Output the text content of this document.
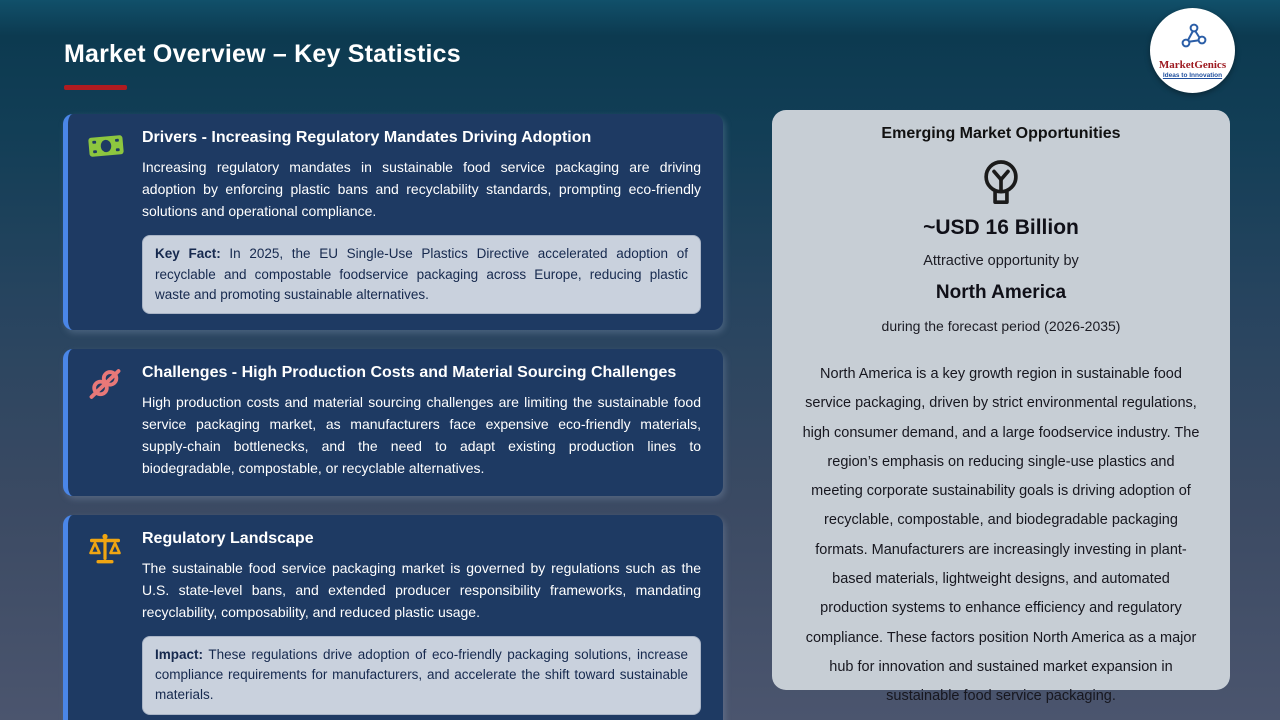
Market Overview – Key Statistics	MarketGenics
Ideas to Innovation
Drivers - Increasing Regulatory Mandates Driving Adoption
Increasing regulatory mandates in sustainable food service packaging are driving adoption by enforcing plastic bans and recyclability standards, prompting eco-friendly solutions and operational compliance.
Key Fact: In 2025, the EU Single-Use Plastics Directive accelerated adoption of recyclable and compostable foodservice packaging across Europe, reducing plastic waste and promoting sustainable alternatives.
Challenges - High Production Costs and Material Sourcing Challenges
High production costs and material sourcing challenges are limiting the sustainable food service packaging market, as manufacturers face expensive eco-friendly materials, supply-chain bottlenecks, and the need to adapt existing production lines to biodegradable, compostable, or recyclable alternatives.
Regulatory Landscape
The sustainable food service packaging market is governed by regulations such as the U.S. state-level bans, and extended producer responsibility frameworks, mandating recyclability, composability, and reduced plastic usage.
Impact: These regulations drive adoption of eco-friendly packaging solutions, increase compliance requirements for manufacturers, and accelerate the shift toward sustainable materials.
Emerging Market Opportunities
~USD 16 Billion
Attractive opportunity by
North America
during the forecast period (2026-2035)
North America is a key growth region in sustainable food service packaging, driven by strict environmental regulations, high consumer demand, and a large foodservice industry. The region’s emphasis on reducing single-use plastics and meeting corporate sustainability goals is driving adoption of recyclable, compostable, and biodegradable packaging formats. Manufacturers are increasingly investing in plant-based materials, lightweight designs, and automated production systems to enhance efficiency and regulatory compliance. These factors position North America as a major hub for innovation and sustained market expansion in sustainable food service packaging.
